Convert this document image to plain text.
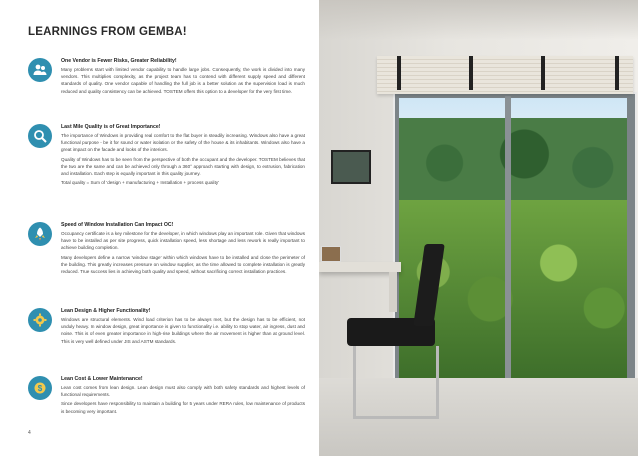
LEARNINGS FROM GEMBA!
One Vendor is Fewer Risks, Greater Reliability!

Many problems start with limited vendor capability to handle large jobs. Consequently, the work is divided into many vendors. This multiplies complexity, as the project team has to contend with different supply speed and different standards of quality. One vendor capable of handling the full job is a better solution as the supervision load is much reduced and quality consistency can be achieved. TOSTEM offers this option to a developer for the very first time.

Last Mile Quality is of Great Importance!

The importance of Windows in providing real comfort to the flat buyer in steadily increasing. Windows also have a great functional purpose - be it for sound or water isolation or the safety of the house & its inhabitants. Windows also have a great impact on the facade and looks of the interiors.

Quality of Windows has to be seen from the perspective of both the occupant and the developer. TOSTEM believes that the two are the same and can be achieved only through a 360° approach starting with design, to extrusion, fabrication and installation. Each step is equally important in this quality journey.

Total quality = Sum of 'design + manufacturing + Installation + process quality'

Speed of Window Installation Can Impact OC!

Occupancy certificate is a key milestone for the developer, in which windows play an important role. Given that windows have to be installed as per site progress, quick installation speed, less shortage and less rework is really important to achieve building completion.

Many developers define a narrow 'window stage' within which windows have to be installed and close the perimeter of the building. This greatly increases pressure on window supplier, as the time allowed to complete installation is greatly reduced. True success lies in achieving both quality and speed, without sacrificing correct installation practices.

Lean Design & Higher Functionality!

Windows are structural elements. Wind load criterion has to be always met, but the design has to be efficient, not unduly heavy. In window design, great importance is given to functionality i.e. ability to stop water, air ingress, dust and noise. This is of even greater importance in high-rise buildings where the air movement is higher than at ground level. This is very well defined under JIS and ASTM standards.

$
Lean Cost & Lower Maintenance!

Lean cost comes from lean design. Lean design must also comply with both safety standards and highest levels of functional requirements.

Since developers have responsibility to maintain a building for 5 years under RERA rules, low maintenance of products is becoming very important.

4
